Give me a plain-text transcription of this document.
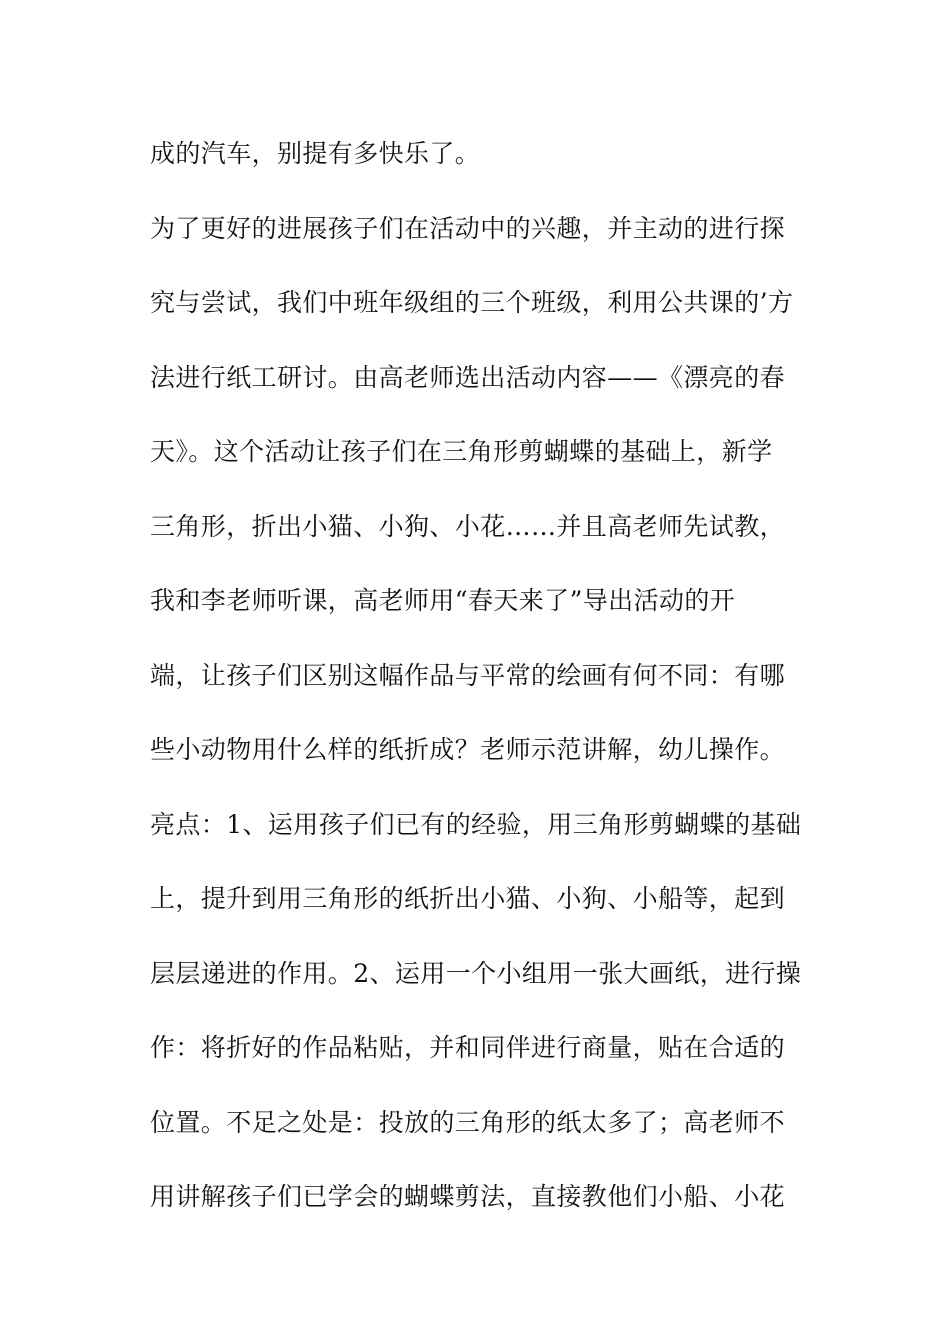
成的汽车，别提有多快乐了。
为了更好的进展孩子们在活动中的兴趣，并主动的进行探
究与尝试，我们中班年级组的三个班级，利用公共课的’方
法进行纸工研讨。由高老师选出活动内容——《漂亮的春
天》。这个活动让孩子们在三角形剪蝴蝶的基础上，新学
三角形，折出小猫、小狗、小花……并且高老师先试教，
我和李老师听课，高老师用“春天来了”导出活动的开
端，让孩子们区别这幅作品与平常的绘画有何不同：有哪
些小动物用什么样的纸折成？老师示范讲解，幼儿操作。
亮点：1、运用孩子们已有的经验，用三角形剪蝴蝶的基础
上，提升到用三角形的纸折出小猫、小狗、小船等，起到
层层递进的作用。2、运用一个小组用一张大画纸，进行操
作：将折好的作品粘贴，并和同伴进行商量，贴在合适的
位置。不足之处是：投放的三角形的纸太多了；高老师不
用讲解孩子们已学会的蝴蝶剪法，直接教他们小船、小花
